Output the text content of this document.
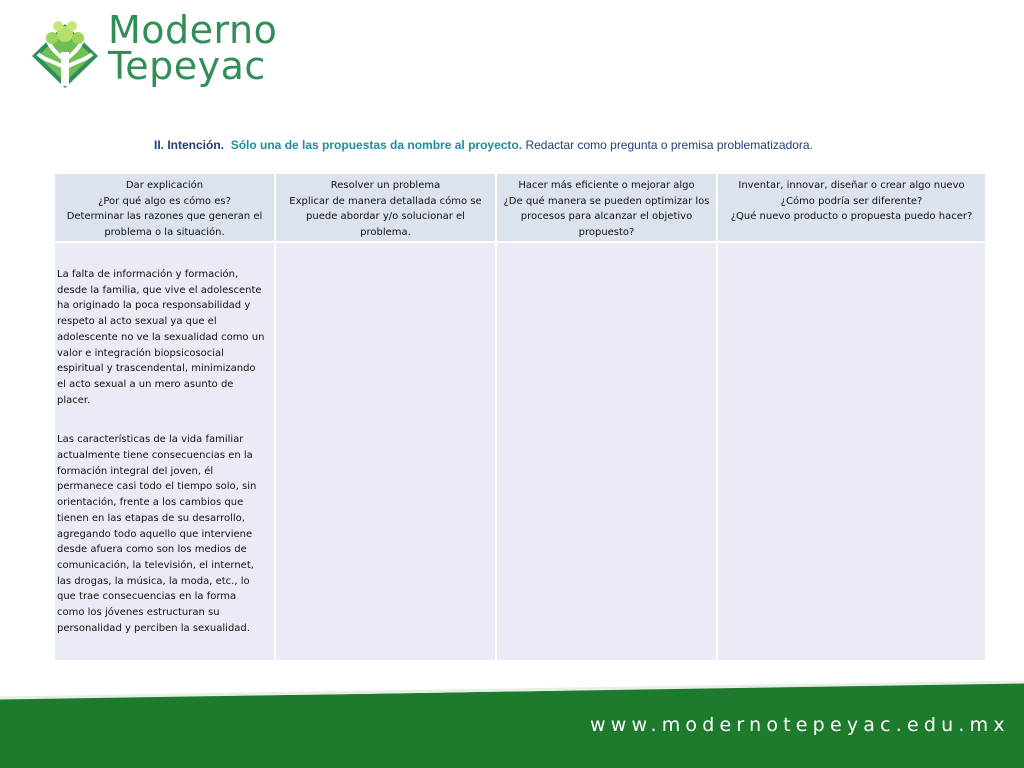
Moderno
Tepeyac
II. Intención. Sólo una de las propuestas da nombre al proyecto. Redactar como pregunta o premisa problematizadora.
Dar explicación
¿Por qué algo es cómo es?
Determinar las razones que generan el problema o la situación.	Resolver un problema
Explicar de manera detallada cómo se puede abordar y/o solucionar el problema.	Hacer más eficiente o mejorar algo
¿De qué manera se pueden optimizar los procesos para alcanzar el objetivo propuesto?	Inventar, innovar, diseñar o crear algo nuevo
¿Cómo podría ser diferente?
¿Qué nuevo producto o propuesta puedo hacer?

La falta de información y formación, desde la familia, que vive el adolescente ha originado la poca responsabilidad y respeto al acto sexual ya que el adolescente no ve la sexualidad como un valor e integración biopsicosocial espiritual y trascendental, minimizando el acto sexual a un mero asunto de placer.

Las características de la vida familiar actualmente tiene consecuencias en la formación integral del joven, él permanece casi todo el tiempo solo, sin orientación, frente a los cambios que tienen en las etapas de su desarrollo, agregando todo aquello que interviene desde afuera como son los medios de comunicación, la televisión, el internet, las drogas, la música, la moda, etc., lo que trae consecuencias en la forma como los jóvenes estructuran su personalidad y perciben la sexualidad.			

www.modernotepeyac.edu.mx
